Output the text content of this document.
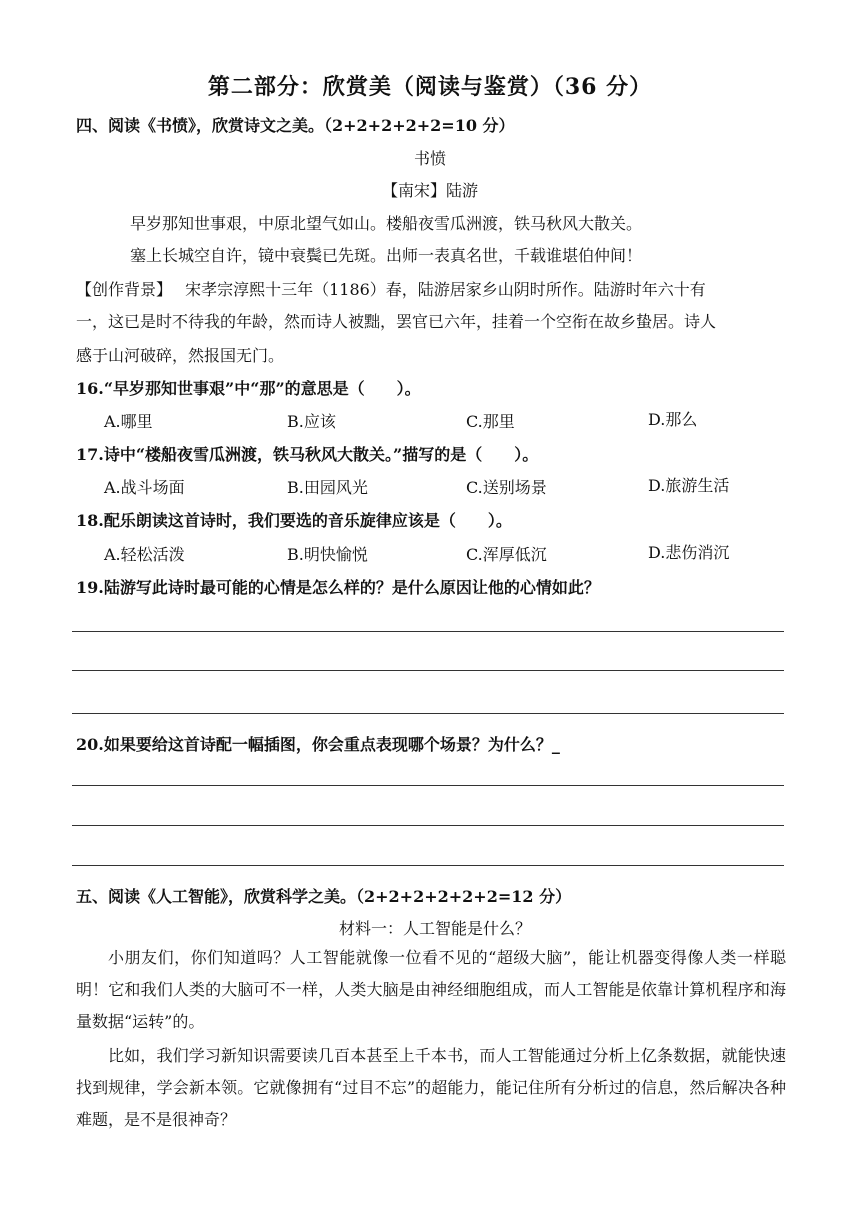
第二部分：欣赏美（阅读与鉴赏）（36 分）
四、阅读《书愤》，欣赏诗文之美。（2+2+2+2+2=10 分）
书愤
【南宋】陆游
早岁那知世事艰，中原北望气如山。楼船夜雪瓜洲渡，铁马秋风大散关。
塞上长城空自许，镜中衰鬓已先斑。出师一表真名世，千载谁堪伯仲间！
【创作背景】　 宋孝宗淳熙十三年（1186）春，陆游居家乡山阴时所作。陆游时年六十有
一，这已是时不待我的年龄，然而诗人被黜，罢官已六年，挂着一个空衔在故乡蛰居。诗人
感于山河破碎，然报国无门。
16.“早岁那知世事艰”中“那”的意思是（　　）。
A.哪里	B.应该	C.那里	D.那么
17.诗中“楼船夜雪瓜洲渡，铁马秋风大散关。”描写的是（　　）。
A.战斗场面	B.田园风光	C.送别场景	D.旅游生活
18.配乐朗读这首诗时，我们要选的音乐旋律应该是（　　）。
A.轻松活泼	B.明快愉悦	C.浑厚低沉	D.悲伤消沉
19.陆游写此诗时最可能的心情是怎么样的？是什么原因让他的心情如此？
20.如果要给这首诗配一幅插图，你会重点表现哪个场景？为什么？_
五、阅读《人工智能》，欣赏科学之美。（2+2+2+2+2+2=12 分）
材料一：人工智能是什么？
小朋友们，你们知道吗？人工智能就像一位看不见的“超级大脑”，能让机器变得像人类一样聪明！它和我们人类的大脑可不一样，人类大脑是由神经细胞组成，而人工智能是依靠计算机程序和海量数据“运转”的。
比如，我们学习新知识需要读几百本甚至上千本书，而人工智能通过分析上亿条数据，就能快速找到规律，学会新本领。它就像拥有“过目不忘”的超能力，能记住所有分析过的信息，然后解决各种难题，是不是很神奇？
